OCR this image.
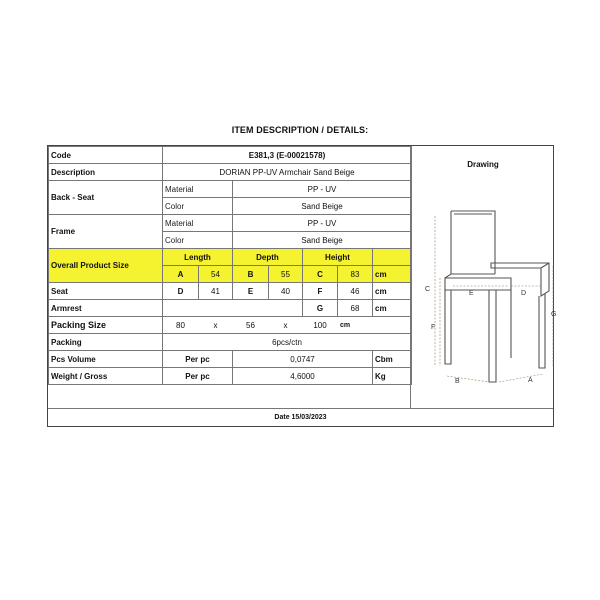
ITEM DESCRIPTION / DETAILS:
Code	E381,3 (E-00021578)						
Description	DORIAN PP-UV Armchair Sand Beige						
Back - Seat	Material		PP - UV				
	Color		Sand Beige				
Frame	Material		PP - UV				
	Color		Sand Beige				
Overall Product Size	Length		Depth		Height		
	A	54	B	55	C	83	cm
Seat	D	41	E	40	F	46	cm
Armrest					G	68	cm
Packing Size	80	x	56	x	100	cm	
Packing	6pcs/ctn						
Pcs Volume	Per pc		0,0747				Cbm
Weight / Gross	Per pc		4,6000				Kg
Drawing
C
F
E	D
G
B	A
Date 15/03/2023
